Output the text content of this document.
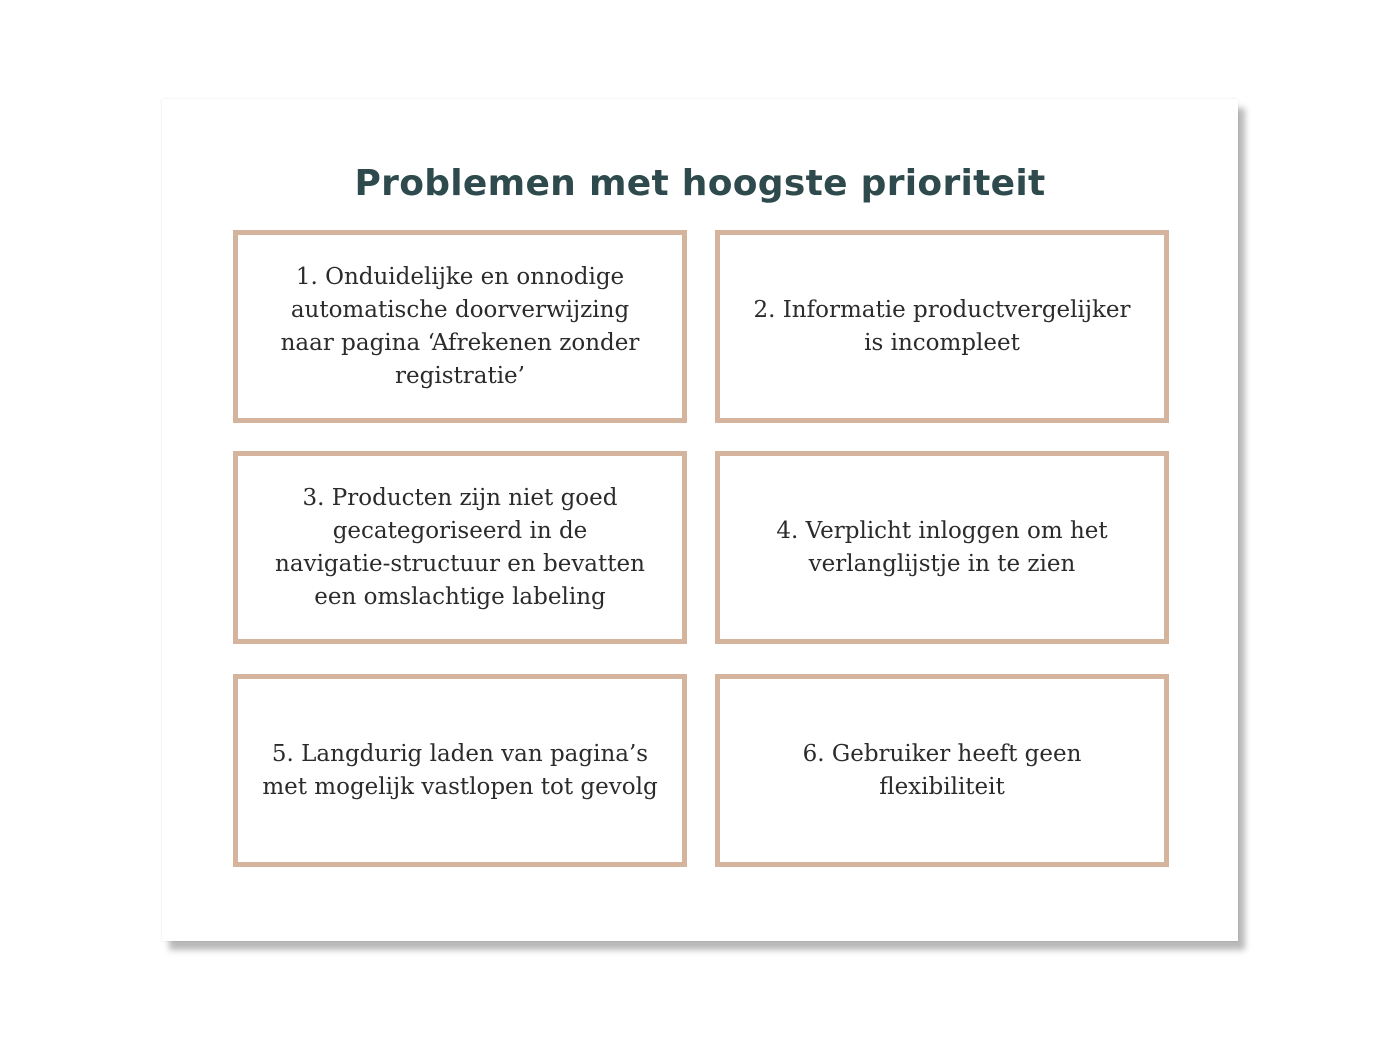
Problemen met hoogste prioriteit
1. Onduidelijke en onnodige automatische doorverwijzing naar pagina ‘Afrekenen zonder registratie’
2. Informatie productvergelijker is incompleet
3. Producten zijn niet goed gecategoriseerd in de navigatie-structuur en bevatten een omslachtige labeling
4. Verplicht inloggen om het verlanglijstje in te zien
5. Langdurig laden van pagina’s met mogelijk vastlopen tot gevolg
6. Gebruiker heeft geen flexibiliteit
